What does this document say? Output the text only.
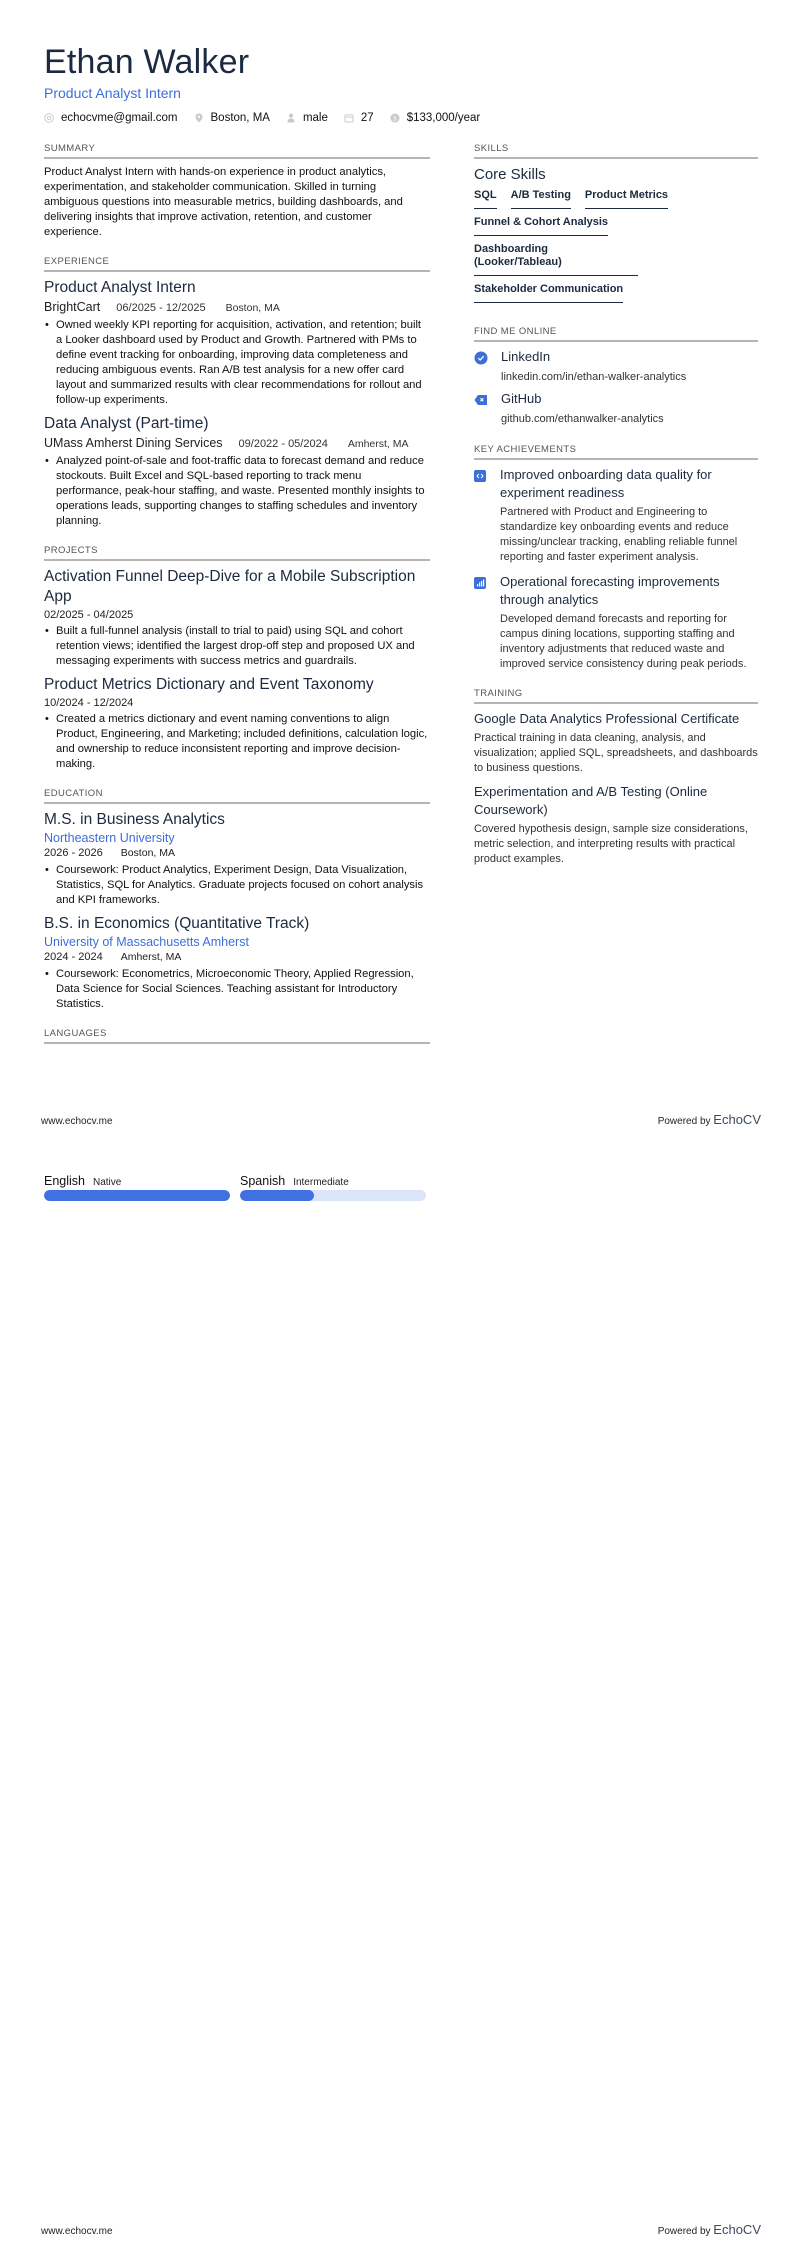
Ethan Walker
Product Analyst Intern
echocvme@gmail.com	Boston, MA	male	27	$ $133,000/year
SUMMARY
Product Analyst Intern with hands-on experience in product analytics, experimentation, and stakeholder communication. Skilled in turning ambiguous questions into measurable metrics, building dashboards, and delivering insights that improve activation, retention, and customer experience.
EXPERIENCE
Product Analyst Intern
BrightCart 06/2025 - 12/2025 Boston, MA
• Owned weekly KPI reporting for acquisition, activation, and retention; built a Looker dashboard used by Product and Growth. Partnered with PMs to define event tracking for onboarding, improving data completeness and reducing ambiguous events. Ran A/B test analysis for a new offer card layout and summarized results with clear recommendations for rollout and follow-up experiments.
Data Analyst (Part-time)
UMass Amherst Dining Services 09/2022 - 05/2024 Amherst, MA
• Analyzed point-of-sale and foot-traffic data to forecast demand and reduce stockouts. Built Excel and SQL-based reporting to track menu performance, peak-hour staffing, and waste. Presented monthly insights to operations leads, supporting changes to staffing schedules and inventory planning.
PROJECTS
Activation Funnel Deep-Dive for a Mobile Subscription App
02/2025 - 04/2025
• Built a full-funnel analysis (install to trial to paid) using SQL and cohort retention views; identified the largest drop-off step and proposed UX and messaging experiments with success metrics and guardrails.
Product Metrics Dictionary and Event Taxonomy
10/2024 - 12/2024
• Created a metrics dictionary and event naming conventions to align Product, Engineering, and Marketing; included definitions, calculation logic, and ownership to reduce inconsistent reporting and improve decision-making.
EDUCATION
M.S. in Business Analytics
Northeastern University
2026 - 2026 Boston, MA
• Coursework: Product Analytics, Experiment Design, Data Visualization, Statistics, SQL for Analytics. Graduate projects focused on cohort analysis and KPI frameworks.
B.S. in Economics (Quantitative Track)
University of Massachusetts Amherst
2024 - 2024 Amherst, MA
• Coursework: Econometrics, Microeconomic Theory, Applied Regression, Data Science for Social Sciences. Teaching assistant for Introductory Statistics.
LANGUAGES
SKILLS
Core Skills
SQL A/B Testing Product Metrics
Funnel & Cohort Analysis
Dashboarding (Looker/Tableau)
Stakeholder Communication
FIND ME ONLINE
LinkedIn
linkedin.com/in/ethan-walker-analytics
GitHub
github.com/ethanwalker-analytics
KEY ACHIEVEMENTS
Improved onboarding data quality for experiment readiness
Partnered with Product and Engineering to standardize key onboarding events and reduce missing/unclear tracking, enabling reliable funnel reporting and faster experiment analysis.
Operational forecasting improvements through analytics
Developed demand forecasts and reporting for campus dining locations, supporting staffing and inventory adjustments that reduced waste and improved service consistency during peak periods.
TRAINING
Google Data Analytics Professional Certificate
Practical training in data cleaning, analysis, and visualization; applied SQL, spreadsheets, and dashboards to business questions.
Experimentation and A/B Testing (Online Coursework)
Covered hypothesis design, sample size considerations, metric selection, and interpreting results with practical product examples.
www.echocv.me	Powered by EchoCV
English Native	Spanish Intermediate
www.echocv.me	Powered by EchoCV
